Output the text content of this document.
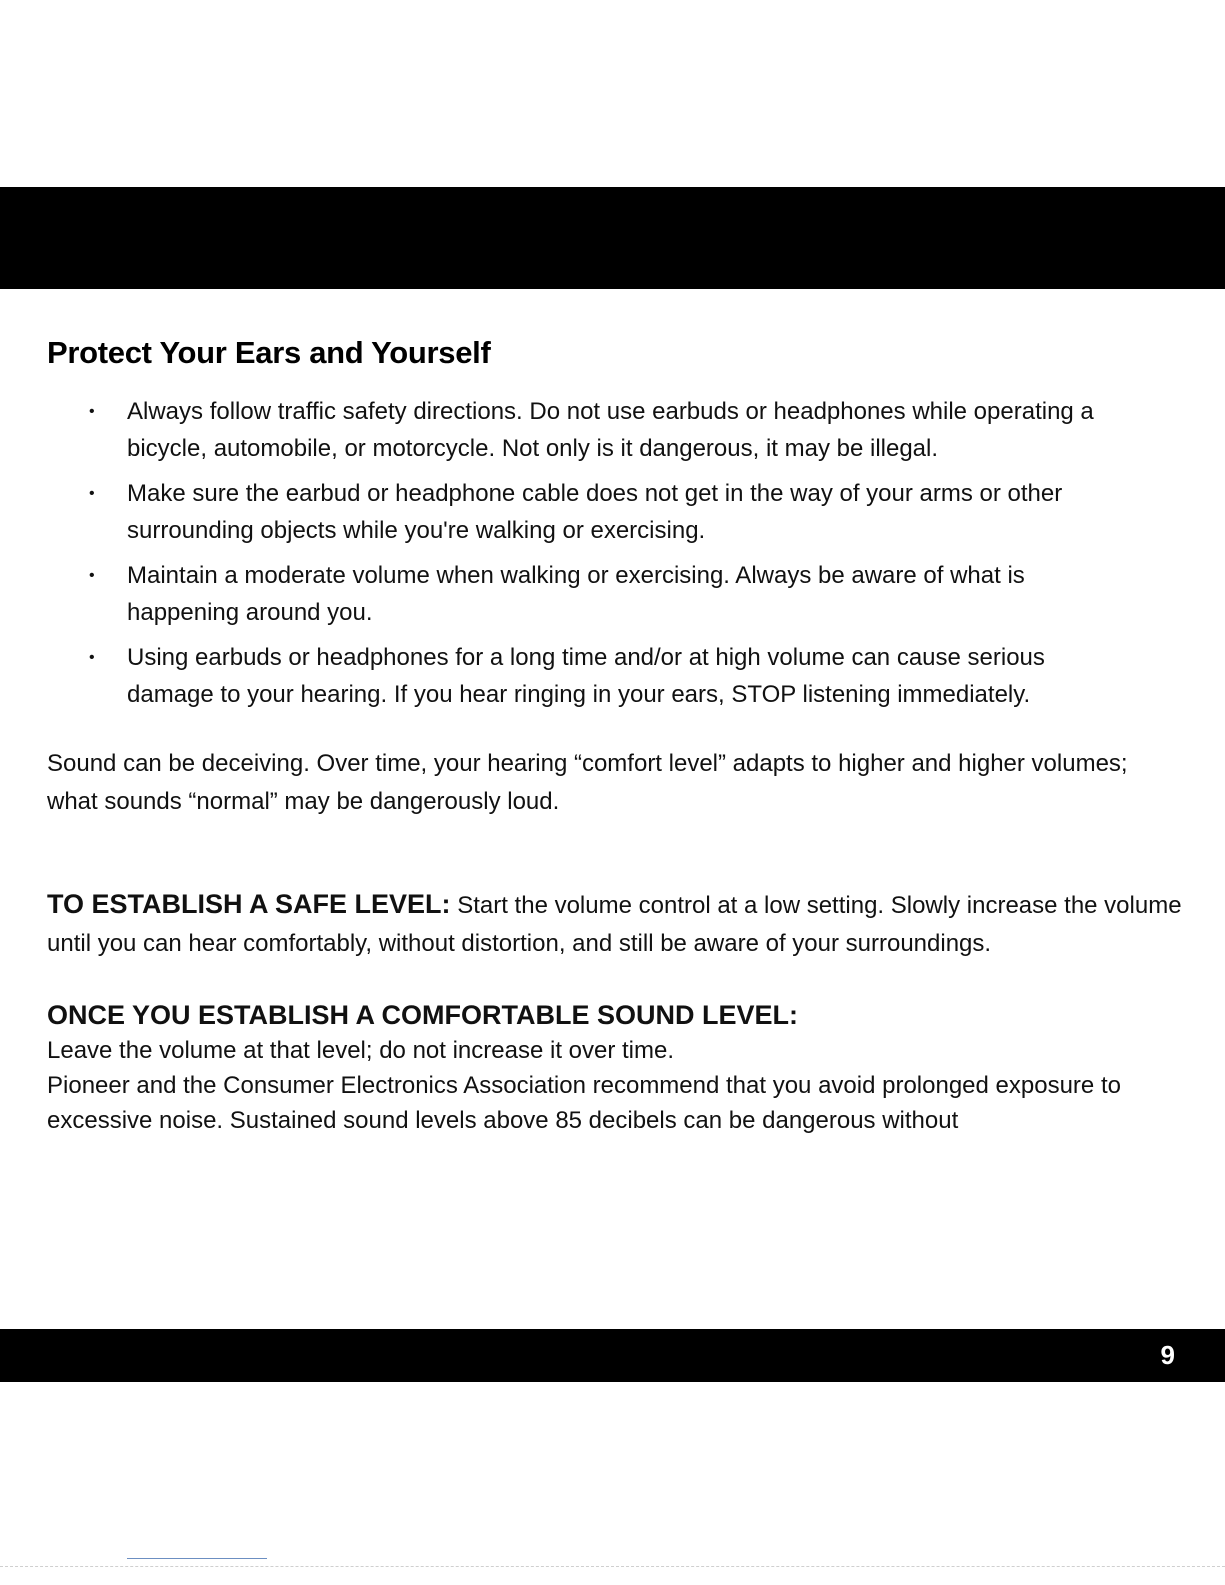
Protect Your Ears and Yourself
• Always follow traffic safety directions. Do not use earbuds or headphones while operating a bicycle, automobile, or motorcycle. Not only is it dangerous, it may be illegal.
• Make sure the earbud or headphone cable does not get in the way of your arms or other surrounding objects while you're walking or exercising.
• Maintain a moderate volume when walking or exercising. Always be aware of what is happening around you.
• Using earbuds or headphones for a long time and/or at high volume can cause serious damage to your hearing. If you hear ringing in your ears, STOP listening immediately.

Sound can be deceiving. Over time, your hearing “comfort level” adapts to higher and higher volumes; what sounds “normal” may be dangerously loud.

TO ESTABLISH A SAFE LEVEL: Start the volume control at a low setting. Slowly increase the volume until you can hear comfortably, without distortion, and still be aware of your surroundings.

ONCE YOU ESTABLISH A COMFORTABLE SOUND LEVEL:

Leave the volume at that level; do not increase it over time.

Pioneer and the Consumer Electronics Association recommend that you avoid prolonged exposure to excessive noise. Sustained sound levels above 85 decibels can be dangerous without

9
